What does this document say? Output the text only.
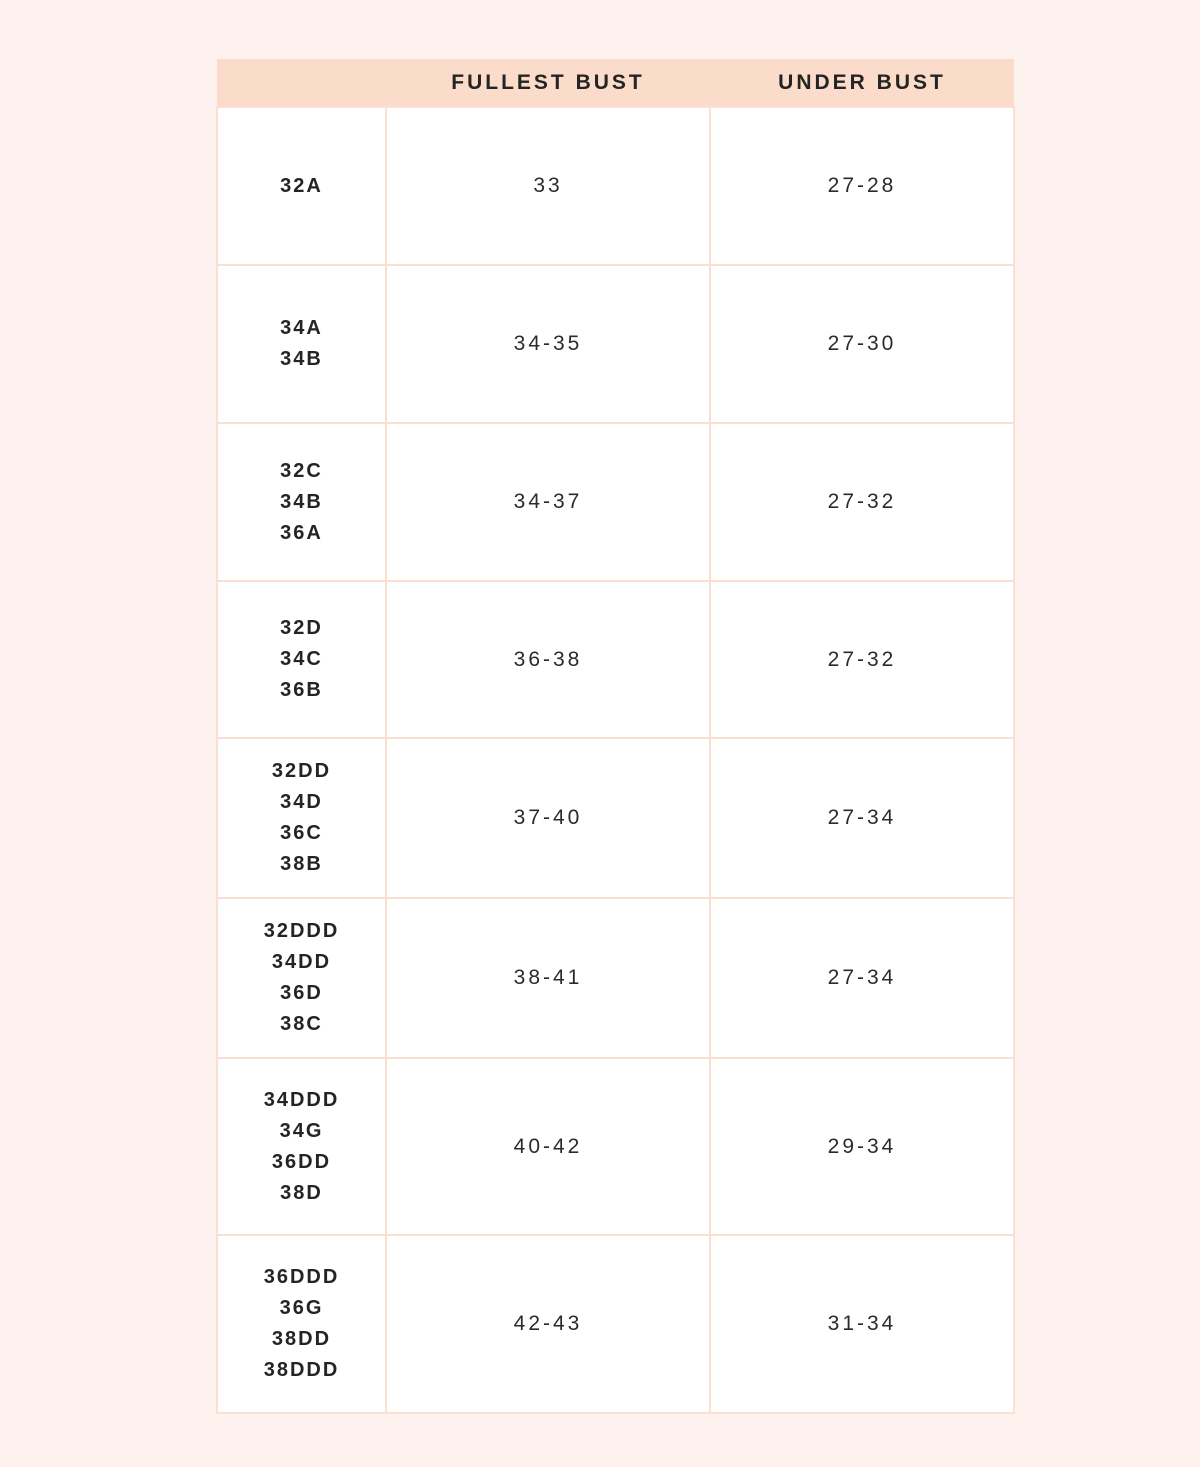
	FULLEST BUST	UNDER BUST

32A	33	27-28

34A
34B	34-35	27-30

32C
34B
36A	34-37	27-32

32D
34C
36B	36-38	27-32

32DD
34D
36C
38B	37-40	27-34

32DDD
34DD
36D
38C	38-41	27-34

34DDD
34G
36DD
38D	40-42	29-34

36DDD
36G
38DD
38DDD	42-43	31-34
